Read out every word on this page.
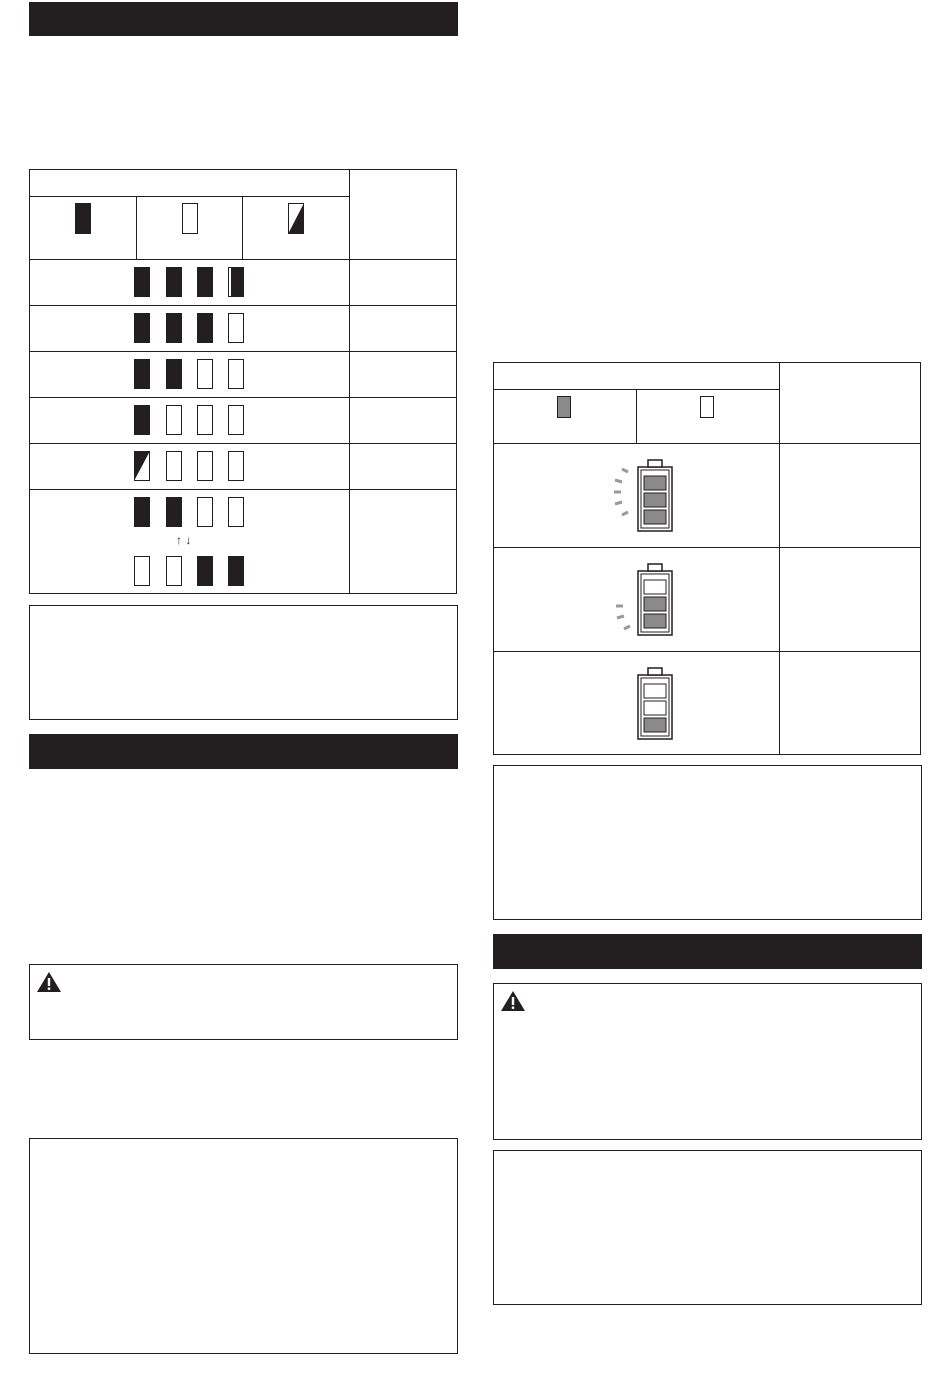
↑ ↓
